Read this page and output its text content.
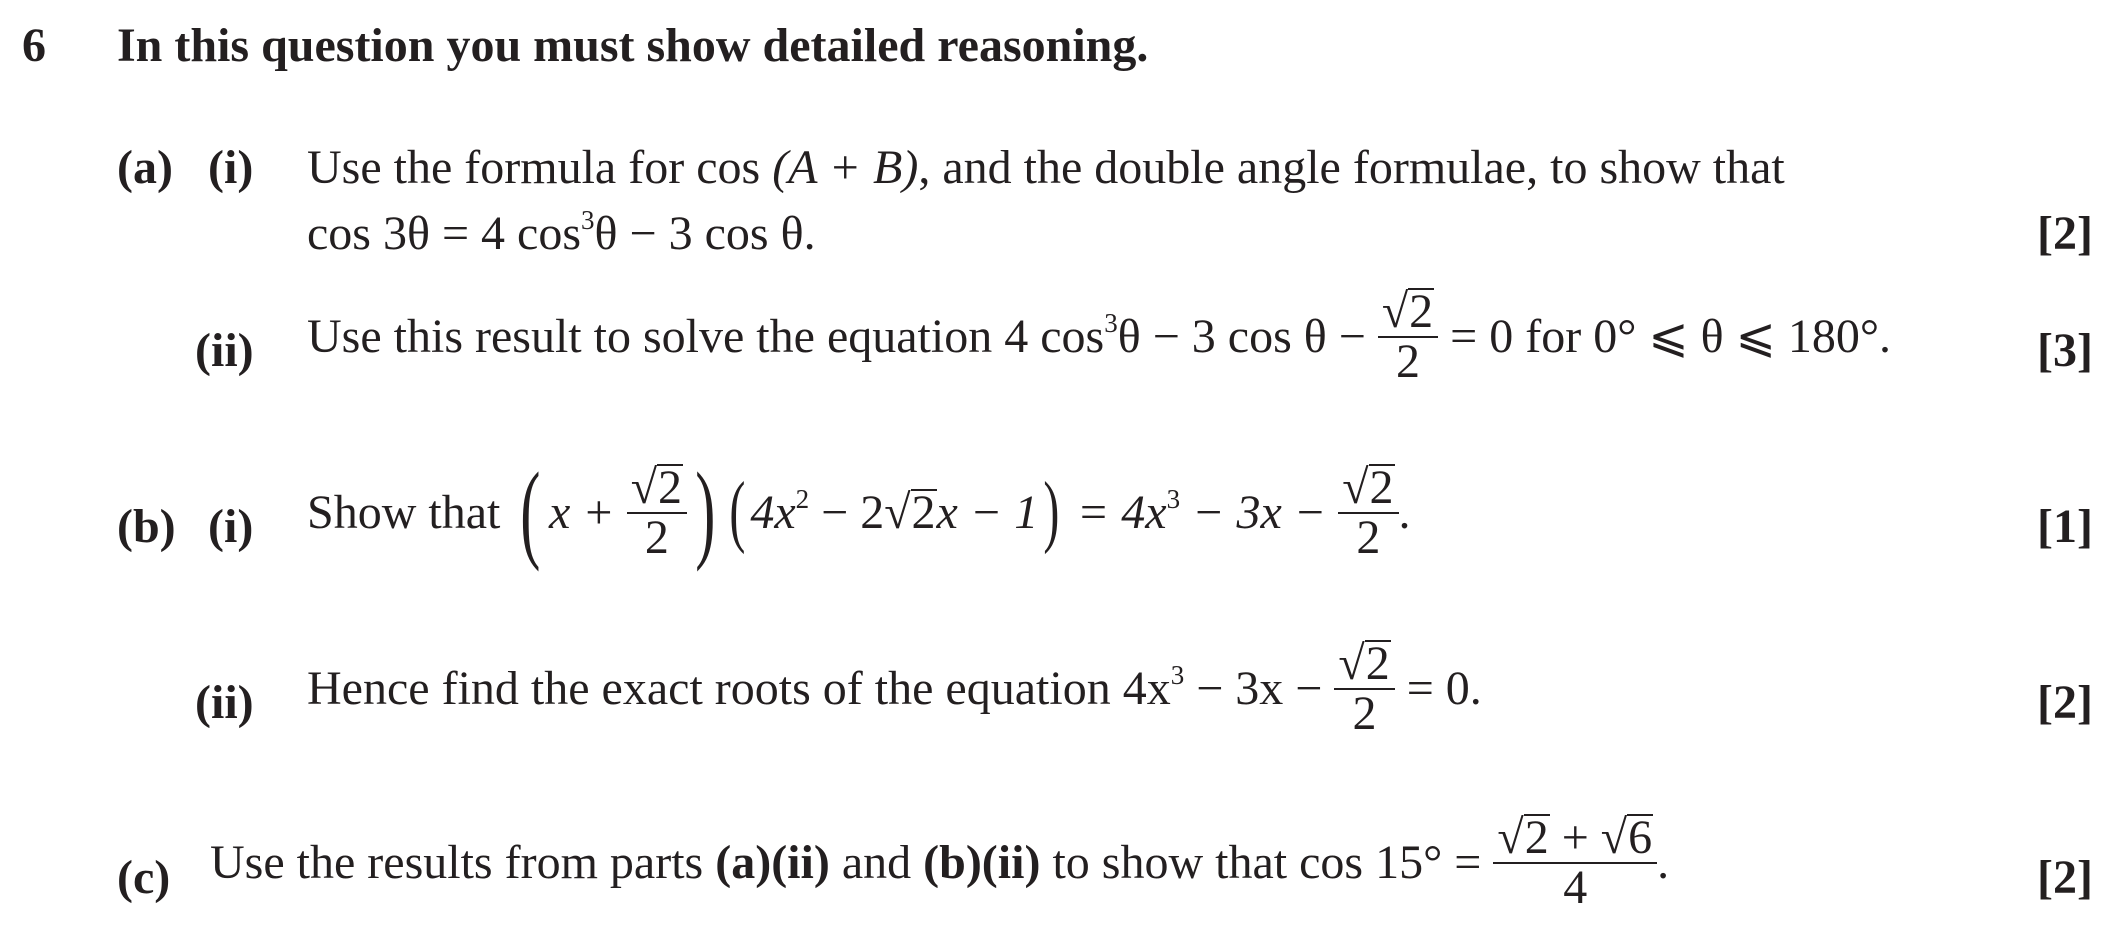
6 In this question you must show detailed reasoning.
(a) (i) Use the formula for cos (A + B), and the double angle formulae, to show that
cos 3θ = 4 $\cos^3\theta - 3$ cos θ.	[2]
(ii) Use this result to solve the equation 4 $\cos^3\theta - 3$ $\cos \theta - \frac{√2}{2} = 0$ for 0° ⩽ θ ⩽ 180°.	[3]
(b) (i) Show that ( $x + \frac{√2}{2}$ ) ( $4x^2 - 2√2x - 1) = 4x^3 - 3x - \frac{√2}{2}$ .	[1]
(ii) Hence find the exact roots of the equation $4x^3 - 3x - \frac{√2}{2} = 0$.	[2]
(c) Use the results from parts (a)(ii) and (b)(ii) to show that $\cos 15^\circ = \frac{√2 + √6}{4}$ .	[2]
